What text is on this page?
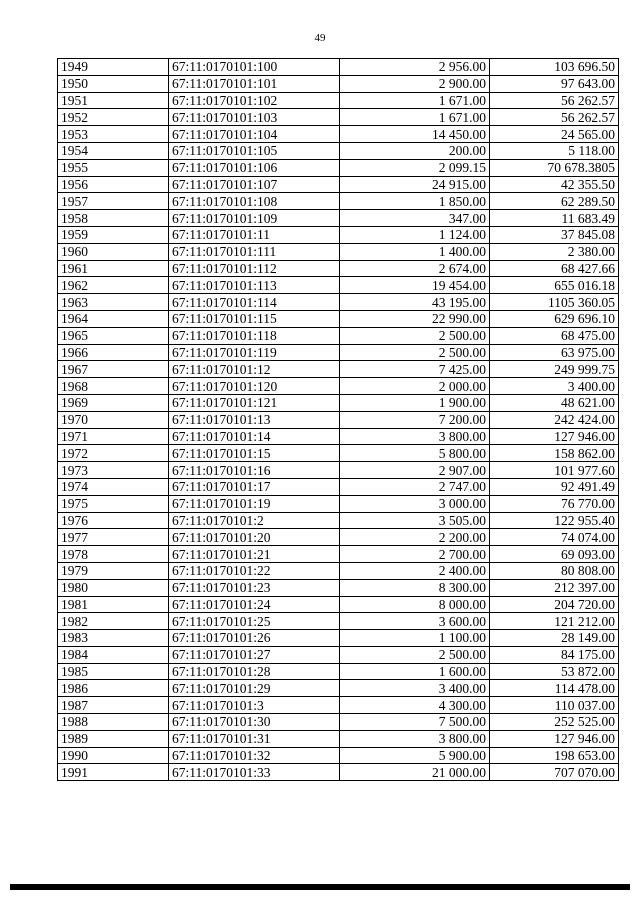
49
1949	67:11:0170101:100	2 956.00	103 696.50
1950	67:11:0170101:101	2 900.00	97 643.00
1951	67:11:0170101:102	1 671.00	56 262.57
1952	67:11:0170101:103	1 671.00	56 262.57
1953	67:11:0170101:104	14 450.00	24 565.00
1954	67:11:0170101:105	200.00	5 118.00
1955	67:11:0170101:106	2 099.15	70 678.3805
1956	67:11:0170101:107	24 915.00	42 355.50
1957	67:11:0170101:108	1 850.00	62 289.50
1958	67:11:0170101:109	347.00	11 683.49
1959	67:11:0170101:11	1 124.00	37 845.08
1960	67:11:0170101:111	1 400.00	2 380.00
1961	67:11:0170101:112	2 674.00	68 427.66
1962	67:11:0170101:113	19 454.00	655 016.18
1963	67:11:0170101:114	43 195.00	1105 360.05
1964	67:11:0170101:115	22 990.00	629 696.10
1965	67:11:0170101:118	2 500.00	68 475.00
1966	67:11:0170101:119	2 500.00	63 975.00
1967	67:11:0170101:12	7 425.00	249 999.75
1968	67:11:0170101:120	2 000.00	3 400.00
1969	67:11:0170101:121	1 900.00	48 621.00
1970	67:11:0170101:13	7 200.00	242 424.00
1971	67:11:0170101:14	3 800.00	127 946.00
1972	67:11:0170101:15	5 800.00	158 862.00
1973	67:11:0170101:16	2 907.00	101 977.60
1974	67:11:0170101:17	2 747.00	92 491.49
1975	67:11:0170101:19	3 000.00	76 770.00
1976	67:11:0170101:2	3 505.00	122 955.40
1977	67:11:0170101:20	2 200.00	74 074.00
1978	67:11:0170101:21	2 700.00	69 093.00
1979	67:11:0170101:22	2 400.00	80 808.00
1980	67:11:0170101:23	8 300.00	212 397.00
1981	67:11:0170101:24	8 000.00	204 720.00
1982	67:11:0170101:25	3 600.00	121 212.00
1983	67:11:0170101:26	1 100.00	28 149.00
1984	67:11:0170101:27	2 500.00	84 175.00
1985	67:11:0170101:28	1 600.00	53 872.00
1986	67:11:0170101:29	3 400.00	114 478.00
1987	67:11:0170101:3	4 300.00	110 037.00
1988	67:11:0170101:30	7 500.00	252 525.00
1989	67:11:0170101:31	3 800.00	127 946.00
1990	67:11:0170101:32	5 900.00	198 653.00
1991	67:11:0170101:33	21 000.00	707 070.00
